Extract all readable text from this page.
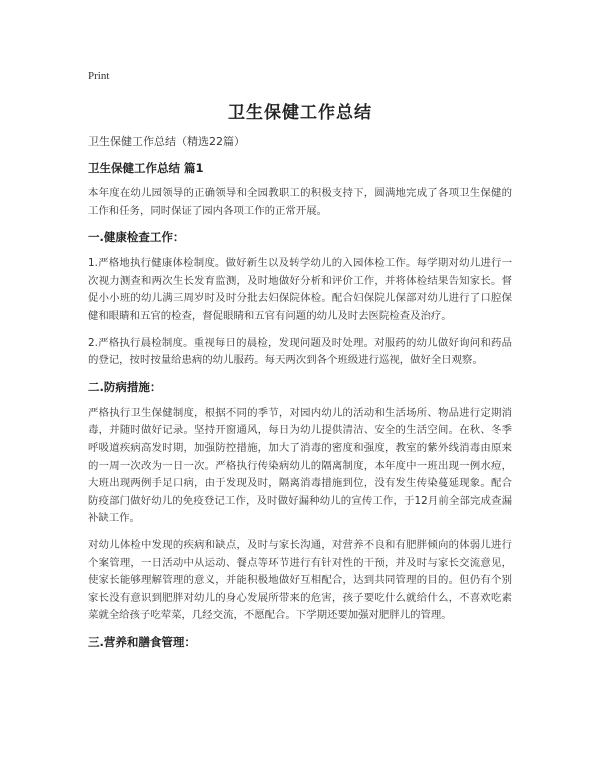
Print
卫生保健工作总结

卫生保健工作总结（精选22篇）

卫生保健工作总结 篇1

本年度在幼儿园领导的正确领导和全园教职工的积极支持下，圆满地完成了各项卫生保健的工作和任务，同时保证了园内各项工作的正常开展。

一.健康检查工作：

1.严格地执行健康体检制度。做好新生以及转学幼儿的入园体检工作。每学期对幼儿进行一次视力测查和两次生长发育监测，及时地做好分析和评价工作，并将体检结果告知家长。督促小小班的幼儿满三周岁时及时分批去妇保院体检。配合妇保院儿保部对幼儿进行了口腔保健和眼睛和五官的检查，督促眼睛和五官有问题的幼儿及时去医院检查及治疗。

2.严格执行晨检制度。重视每日的晨检，发现问题及时处理。对服药的幼儿做好询问和药品的登记，按时按量给患病的幼儿服药。每天两次到各个班级进行巡视，做好全日观察。

二.防病措施：

严格执行卫生保健制度，根据不同的季节，对园内幼儿的活动和生活场所、物品进行定期消毒，并随时做好记录。坚持开窗通风，每日为幼儿提供清洁、安全的生活空间。在秋、冬季呼吸道疾病高发时期，加强防控措施，加大了消毒的密度和强度，教室的紫外线消毒由原来的一周一次改为一日一次。严格执行传染病幼儿的隔离制度，本年度中一班出现一例水痘，大班出现两例手足口病，由于发现及时，隔离消毒措施到位，没有发生传染蔓延现象。配合防疫部门做好幼儿的免疫登记工作，及时做好漏种幼儿的宣传工作，于12月前全部完成查漏补缺工作。

对幼儿体检中发现的疾病和缺点，及时与家长沟通，对营养不良和有肥胖倾向的体弱儿进行个案管理，一日活动中从运动、餐点等环节进行有针对性的干预，并及时与家长交流意见，使家长能够理解管理的意义，并能积极地做好互相配合，达到共同管理的目的。但仍有个别家长没有意识到肥胖对幼儿的身心发展所带来的危害，孩子要吃什么就给什么，不喜欢吃素菜就全给孩子吃荤菜，几经交流，不愿配合。下学期还要加强对肥胖儿的管理。

三.营养和膳食管理：
